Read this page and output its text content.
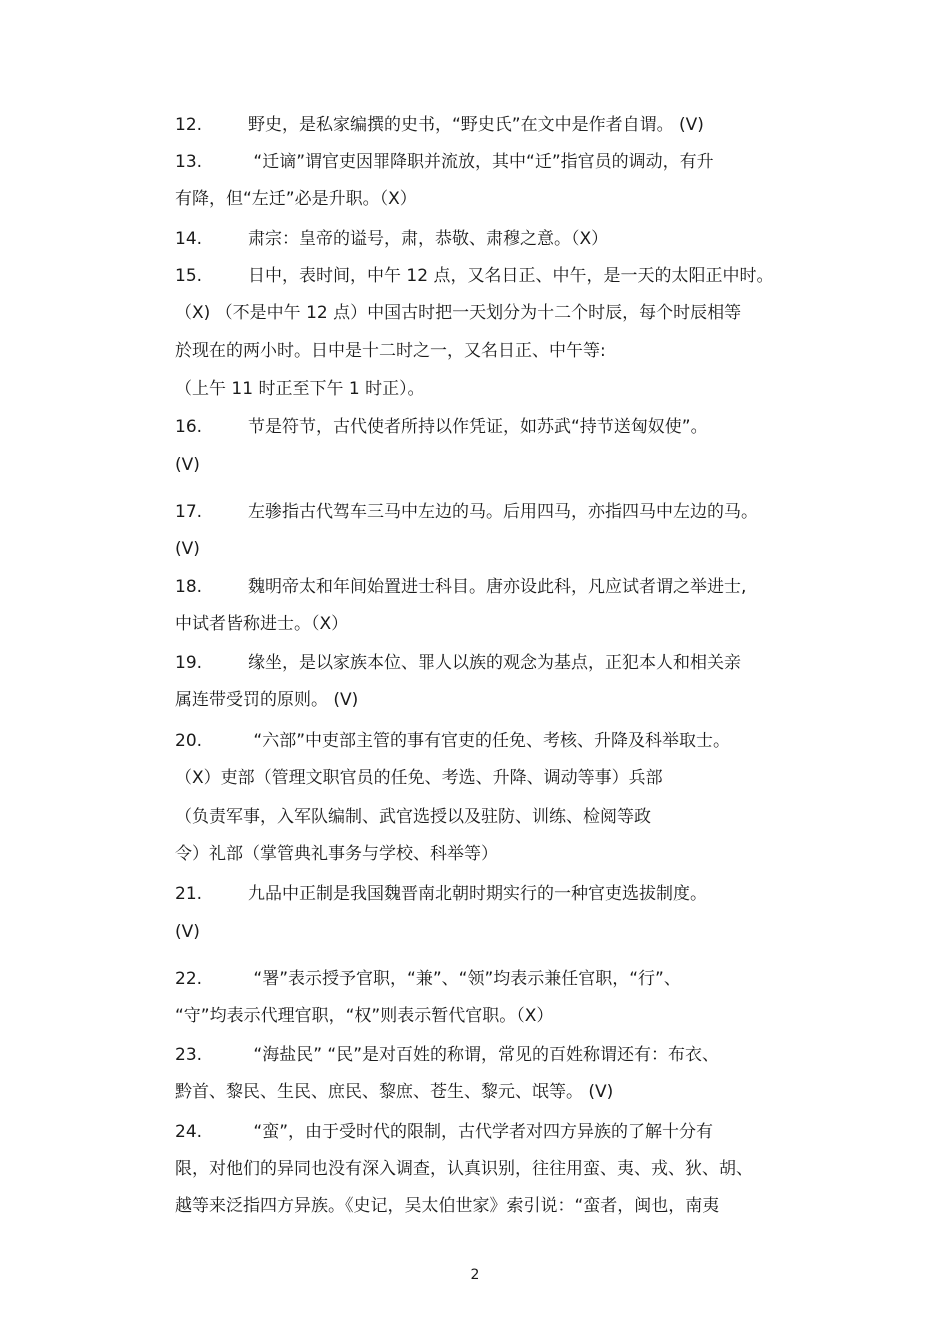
12.	野史，是私家编撰的史书，“野史氏”在文中是作者自谓。 (V)
13.	“迁谪”谓官吏因罪降职并流放，其中“迁”指官员的调动，有升
有降，但“左迁”必是升职。（X）
14.	肃宗：皇帝的谥号，肃，恭敬、肃穆之意。（X）
15.	日中，表时间，中午 12 点，又名日正、中午，是一天的太阳正中时。
（X) （不是中午 12 点）中国古时把一天划分为十二个时辰，每个时辰相等
於现在的两小时。日中是十二时之一，又名日正、中午等:
（上午 11 时正至下午 1 时正）。
16.	节是符节，古代使者所持以作凭证，如苏武“持节送匈奴使”。
(V)
17.	左骖指古代驾车三马中左边的马。后用四马，亦指四马中左边的马。
(V)
18.	魏明帝太和年间始置进士科目。唐亦设此科，凡应试者谓之举进士,
中试者皆称进士。（X）
19.	缘坐，是以家族本位、罪人以族的观念为基点，正犯本人和相关亲
属连带受罚的原则。 (V)
20.	“六部”中吏部主管的事有官吏的任免、考核、升降及科举取士。
（X）吏部（管理文职官员的任免、考选、升降、调动等事）兵部
（负责军事，入军队编制、武官选授以及驻防、训练、检阅等政
令）礼部（掌管典礼事务与学校、科举等）
21.	九品中正制是我国魏晋南北朝时期实行的一种官吏选拔制度。
(V)
22.	“署”表示授予官职，“兼”、“领”均表示兼任官职，“行”、
“守”均表示代理官职，“权”则表示暂代官职。（X）
23.	“海盐民” “民”是对百姓的称谓，常见的百姓称谓还有：布衣、
黔首、黎民、生民、庶民、黎庶、苍生、黎元、氓等。 (V)
24.	“蛮”，由于受时代的限制，古代学者对四方异族的了解十分有
限，对他们的异同也没有深入调查，认真识别，往往用蛮、夷、戎、狄、胡、
越等来泛指四方异族。《史记，吴太伯世家》索引说：“蛮者，闽也，南夷
2
